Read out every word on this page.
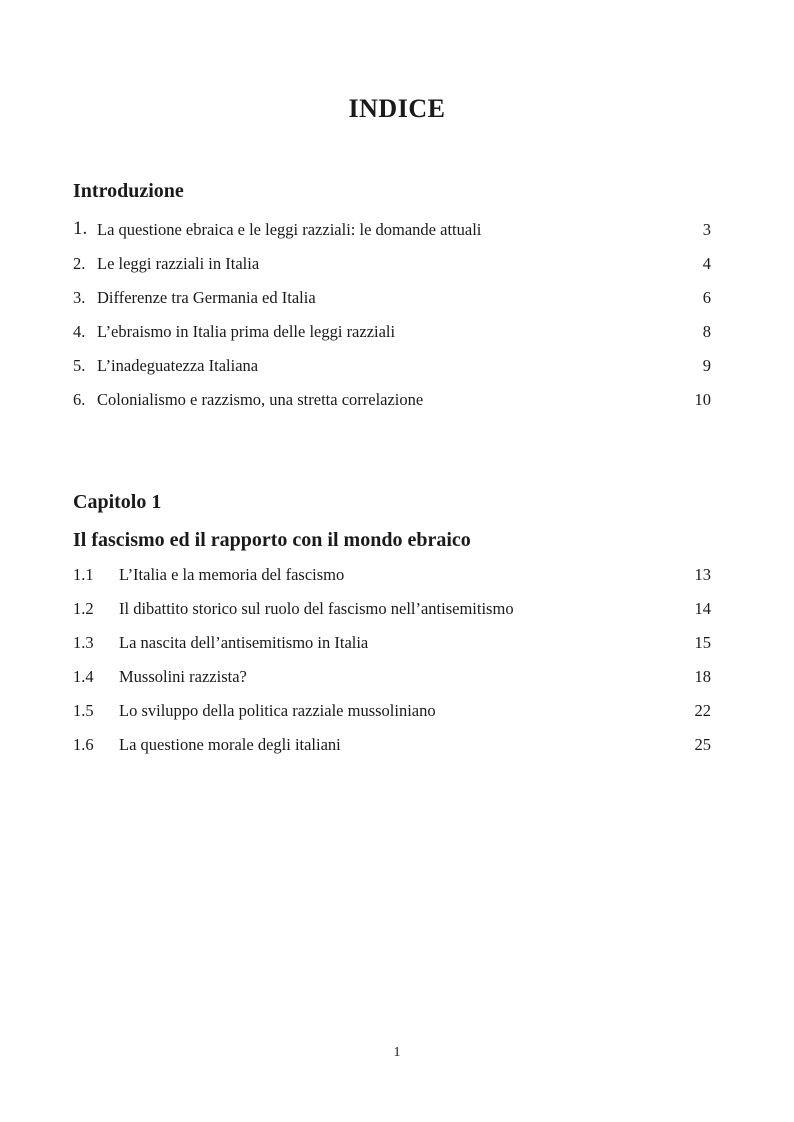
INDICE
Introduzione
1. La questione ebraica e le leggi razziali: le domande attuali	3
2. Le leggi razziali in Italia	4
3. Differenze tra Germania ed Italia	6
4. L’ebraismo in Italia prima delle leggi razziali	8
5. L’inadeguatezza Italiana	9
6. Colonialismo e razzismo, una stretta correlazione	10
Capitolo 1
Il fascismo ed il rapporto con il mondo ebraico
1.1 L’Italia e la memoria del fascismo	13
1.2 Il dibattito storico sul ruolo del fascismo nell’antisemitismo	14
1.3 La nascita dell’antisemitismo in Italia	15
1.4 Mussolini razzista?	18
1.5 Lo sviluppo della politica razziale mussoliniano	22
1.6 La questione morale degli italiani	25
1
